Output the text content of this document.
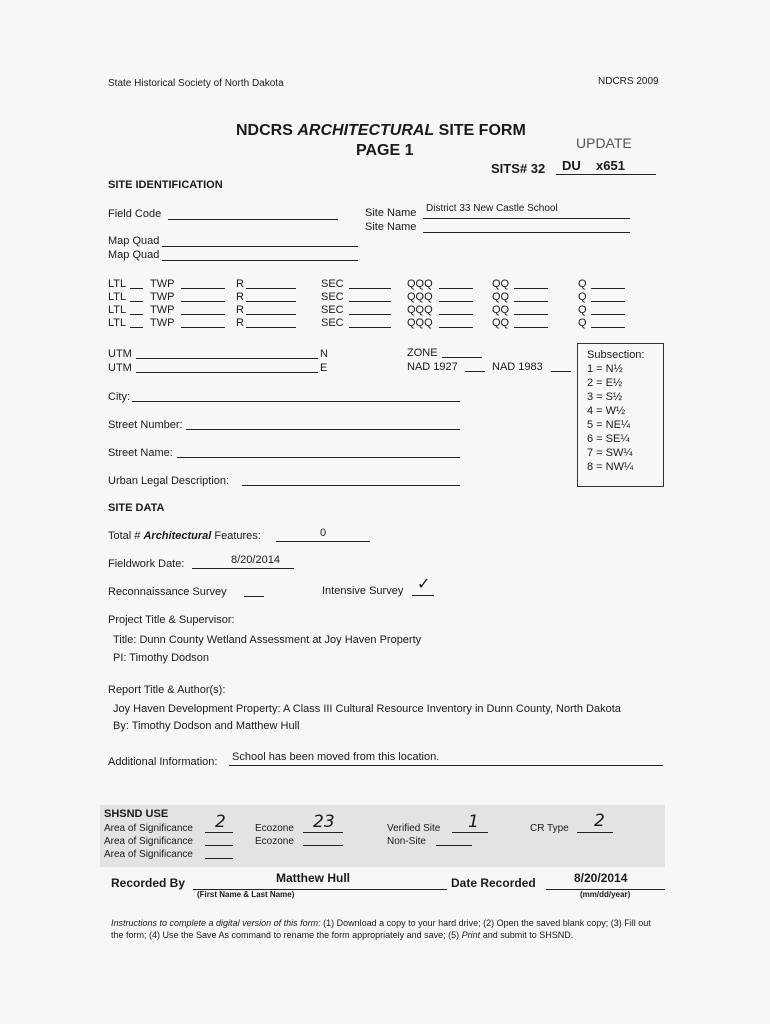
State Historical Society of North Dakota	NDCRS 2009
NDCRS ARCHITECTURAL SITE FORM
PAGE 1	UPDATE
SITS# 32 DU x651
SITE IDENTIFICATION
Field Code	Site Name District 33 New Castle School
Site Name
Map Quad
Map Quad
LTL TWP	R	SEC	QQQ	QQ	Q
LTL TWP	R	SEC	QQQ	QQ	Q
LTL TWP	R	SEC	QQQ	QQ	Q
LTL TWP	R	SEC	QQQ	QQ	Q
UTM	N
UTM	E
ZONE
NAD 1927	NAD 1983
City:
Street Number:
Street Name:
Urban Legal Description:
Subsection:
1 = N½
2 = E½
3 = S½
4 = W½
5 = NE¼
6 = SE¼
7 = SW¼
8 = NW¼
SITE DATA
Total # Architectural Features:	0
Fieldwork Date:	8/20/2014
Reconnaissance Survey	Intensive Survey ✓
Project Title & Supervisor:
Title: Dunn County Wetland Assessment at Joy Haven Property
PI: Timothy Dodson
Report Title & Author(s):
Joy Haven Development Property: A Class III Cultural Resource Inventory in Dunn County, North Dakota
By: Timothy Dodson and Matthew Hull
Additional Information: School has been moved from this location.
SHSND USE
Area of Significance 2
Area of Significance
Area of Significance
Ecozone 23
Ecozone
Verified Site 1
Non-Site
CR Type 2
Recorded By	Matthew Hull
(First Name & Last Name)
Date Recorded	8/20/2014
(mm/dd/year)
Instructions to complete a digital version of this form: (1) Download a copy to your hard drive; (2) Open the saved blank copy; (3) Fill out the form; (4) Use the Save As command to rename the form appropriately and save; (5) Print and submit to SHSND.
